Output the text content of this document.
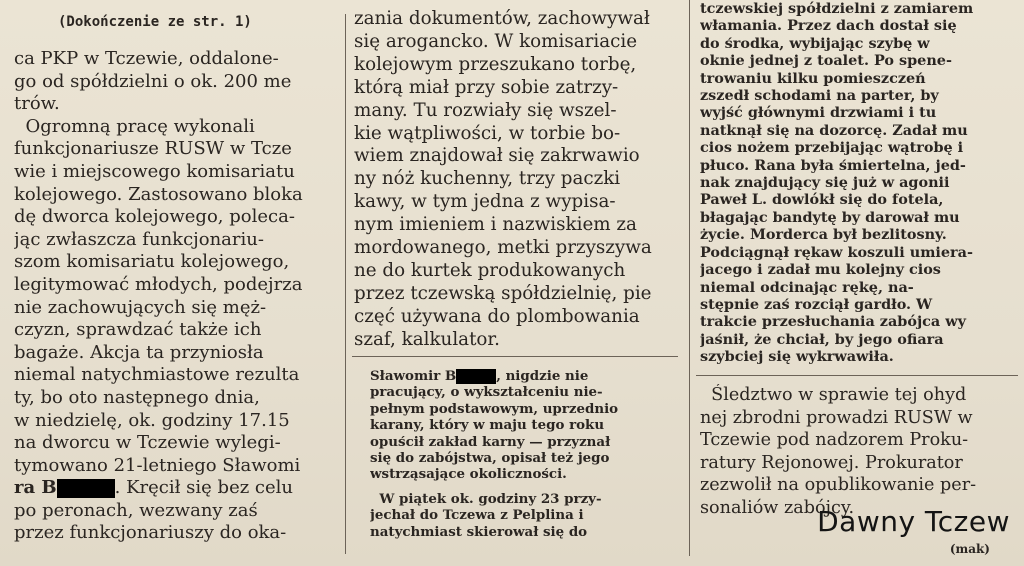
(Dokończenie ze str. 1)
ca PKP w Tczewie, oddalone-
go od spółdzielni o ok. 200 me
trów.
Ogromną pracę wykonali
funkcjonariusze RUSW w Tcze
wie i miejscowego komisariatu
kolejowego. Zastosowano bloka
dę dworca kolejowego, poleca-
jąc zwłaszcza funkcjonariu-
szom komisariatu kolejowego,
legitymować młodych, podejrza
nie zachowujących się męż-
czyzn, sprawdzać także ich
bagaże. Akcja ta przyniosła
niemal natychmiastowe rezulta
ty, bo oto następnego dnia,
w niedzielę, ok. godziny 17.15
na dworcu w Tczewie wylegi-
tymowano 21-letniego Sławomi
ra B	. Kręcił się bez celu
po peronach, wezwany zaś
przez funkcjonariuszy do oka-
zania dokumentów, zachowywał
się arogancko. W komisariacie
kolejowym przeszukano torbę,
którą miał przy sobie zatrzy-
many. Tu rozwiały się wszel-
kie wątpliwości, w torbie bo-
wiem znajdował się zakrwawio
ny nóż kuchenny, trzy paczki
kawy, w tym jedna z wypisa-
nym imieniem i nazwiskiem za
mordowanego, metki przyszywa
ne do kurtek produkowanych
przez tczewską spółdzielnię, pie
częć używana do plombowania
szaf, kalkulator.
Sławomir B	, nigdzie nie
pracujący, o wykształceniu nie-
pełnym podstawowym, uprzednio
karany, który w maju tego roku
opuścił zakład karny — przyznał
się do zabójstwa, opisał też jego
wstrząsające okoliczności.
W piątek ok. godziny 23 przy-
jechał do Tczewa z Pelplina i
natychmiast skierował się do
tczewskiej spółdzielni z zamiarem
włamania. Przez dach dostał się
do środka, wybijając szybę w
oknie jednej z toalet. Po spene-
trowaniu kilku pomieszczeń
zszedł schodami na parter, by
wyjść głównymi drzwiami i tu
natknął się na dozorcę. Zadał mu
cios nożem przebijając wątrobę i
płuco. Rana była śmiertelna, jed-
nak znajdujący się już w agonii
Paweł L. dowlókł się do fotela,
błagając bandytę by darował mu
życie. Morderca był bezlitosny.
Podciągnął rękaw koszuli umiera-
jacego i zadał mu kolejny cios
niemal odcinając rękę, na-
stępnie zaś rozciął gardło. W
trakcie przesłuchania zabójca wy
jaśnił, że chciał, by jego ofiara
szybciej się wykrwawiła.
Śledztwo w sprawie tej ohyd
nej zbrodni prowadzi RUSW w
Tczewie pod nadzorem Proku-
ratury Rejonowej. Prokurator
zezwolił na opublikowanie per-
sonaliów zabójcy.
(mak)
Dawny Tczew
